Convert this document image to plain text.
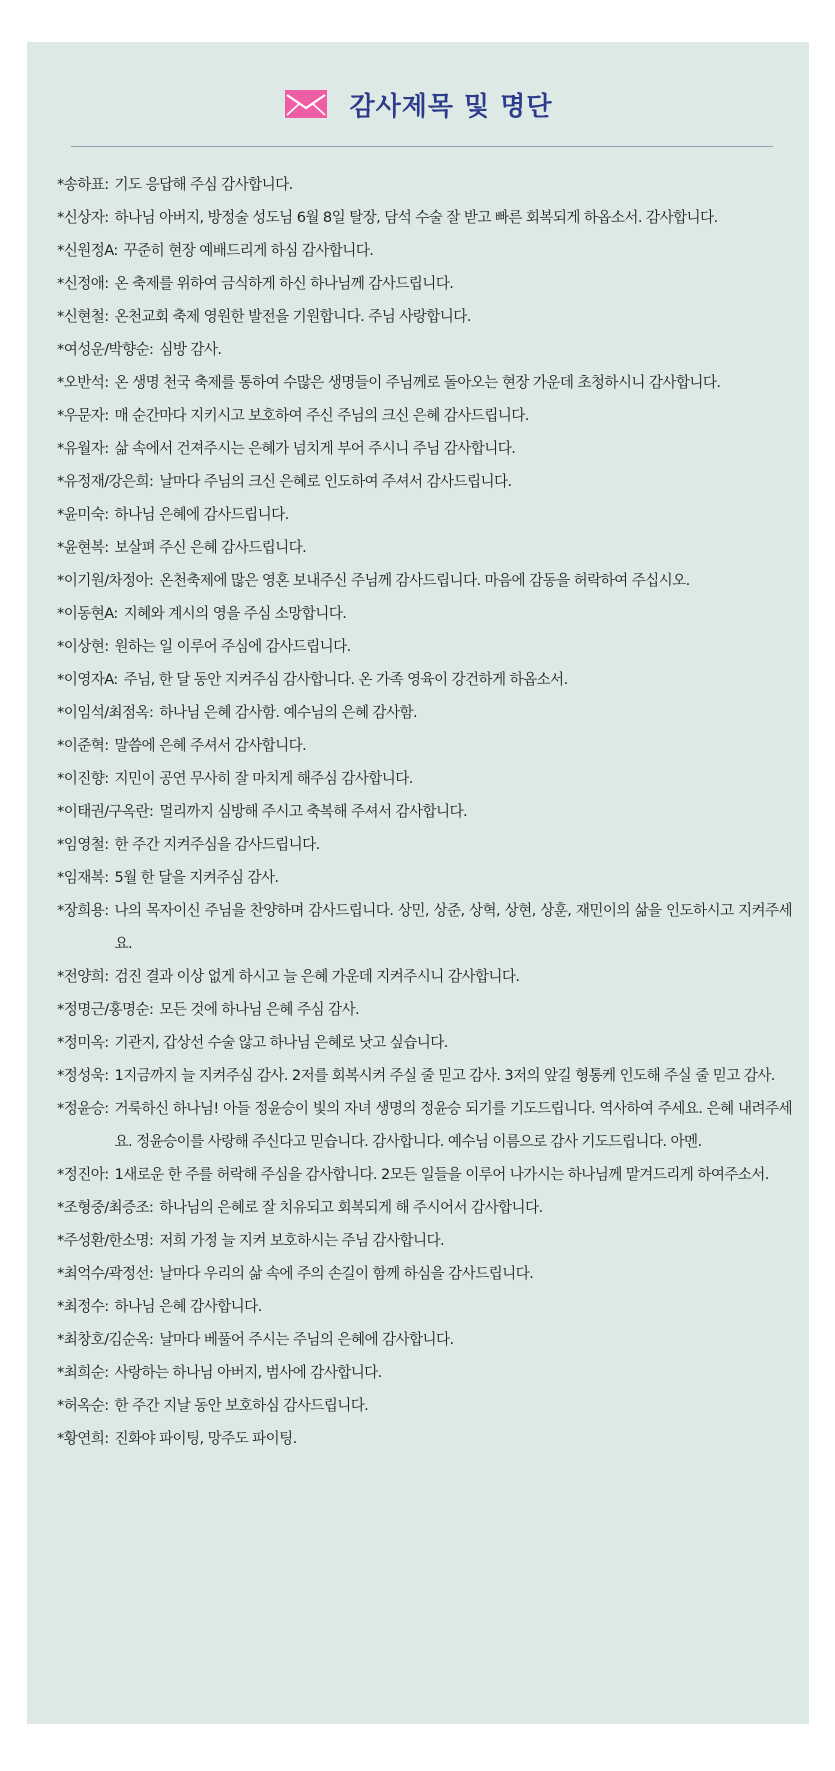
감사제목 및 명단
*송하표 : 기도 응답해 주심 감사합니다.
*신상자 : 하나님 아버지, 방정술 성도님 6월 8일 탈장, 담석 수술 잘 받고 빠른 회복되게 하옵소서. 감사합니다.
*신원정A : 꾸준히 현장 예배드리게 하심 감사합니다.
*신정애 : 온 축제를 위하여 금식하게 하신 하나님께 감사드립니다.
*신현철 : 온천교회 축제 영원한 발전을 기원합니다. 주님 사랑합니다.
*여성운/박향순 : 심방 감사.
*오반석 : 온 생명 천국 축제를 통하여 수많은 생명들이 주님께로 돌아오는 현장 가운데 초청하시니 감사합니다.
*우문자 : 매 순간마다 지키시고 보호하여 주신 주님의 크신 은혜 감사드립니다.
*유월자 : 삶 속에서 건져주시는 은혜가 넘치게 부어 주시니 주님 감사합니다.
*유정재/강은희 : 날마다 주님의 크신 은혜로 인도하여 주셔서 감사드립니다.
*윤미숙 : 하나님 은혜에 감사드립니다.
*윤현복 : 보살펴 주신 은혜 감사드립니다.
*이기원/차정아 : 온천축제에 많은 영혼 보내주신 주님께 감사드립니다. 마음에 감동을 허락하여 주십시오.
*이동현A : 지혜와 계시의 영을 주심 소망합니다.
*이상현 : 원하는 일 이루어 주심에 감사드립니다.
*이영자A : 주님, 한 달 동안 지켜주심 감사합니다. 온 가족 영육이 강건하게 하옵소서.
*이임석/최점옥 : 하나님 은혜 감사함. 예수님의 은혜 감사함.
*이준혁 : 말씀에 은혜 주셔서 감사합니다.
*이진향 : 지민이 공연 무사히 잘 마치게 해주심 감사합니다.
*이태권/구옥란 : 멀리까지 심방해 주시고 축복해 주셔서 감사합니다.
*임영철 : 한 주간 지켜주심을 감사드립니다.
*임재복 : 5월 한 달을 지켜주심 감사.
*장희용 : 나의 목자이신 주님을 찬양하며 감사드립니다. 상민, 상준, 상혁, 상현, 상훈, 재민이의 삶을 인도하시고 지켜주세요.
*전양희 : 검진 결과 이상 없게 하시고 늘 은혜 가운데 지켜주시니 감사합니다.
*정명근/홍명순 : 모든 것에 하나님 은혜 주심 감사.
*정미옥 : 기관지, 갑상선 수술 않고 하나님 은혜로 낫고 싶습니다.
*정성욱 : 1지금까지 늘 지켜주심 감사. 2저를 회복시켜 주실 줄 믿고 감사. 3저의 앞길 형통케 인도해 주실 줄 믿고 감사.
*정윤승 : 거룩하신 하나님! 아들 정윤승이 빛의 자녀 생명의 정윤승 되기를 기도드립니다. 역사하여 주세요. 은혜 내려주세요. 정윤승이를 사랑해 주신다고 믿습니다. 감사합니다. 예수님 이름으로 감사 기도드립니다. 아멘.
*정진아 : 1새로운 한 주를 허락해 주심을 감사합니다. 2모든 일들을 이루어 나가시는 하나님께 맡겨드리게 하여주소서.
*조형중/최증조 : 하나님의 은혜로 잘 치유되고 회복되게 해 주시어서 감사합니다.
*주성환/한소명 : 저희 가정 늘 지켜 보호하시는 주님 감사합니다.
*최억수/곽정선 : 날마다 우리의 삶 속에 주의 손길이 함께 하심을 감사드립니다.
*최정수 : 하나님 은혜 감사합니다.
*최창호/김순옥 : 날마다 베풀어 주시는 주님의 은혜에 감사합니다.
*최희순 : 사랑하는 하나님 아버지, 범사에 감사합니다.
*허옥순 : 한 주간 지날 동안 보호하심 감사드립니다.
*황연희 : 진화야 파이팅, 망주도 파이팅.
